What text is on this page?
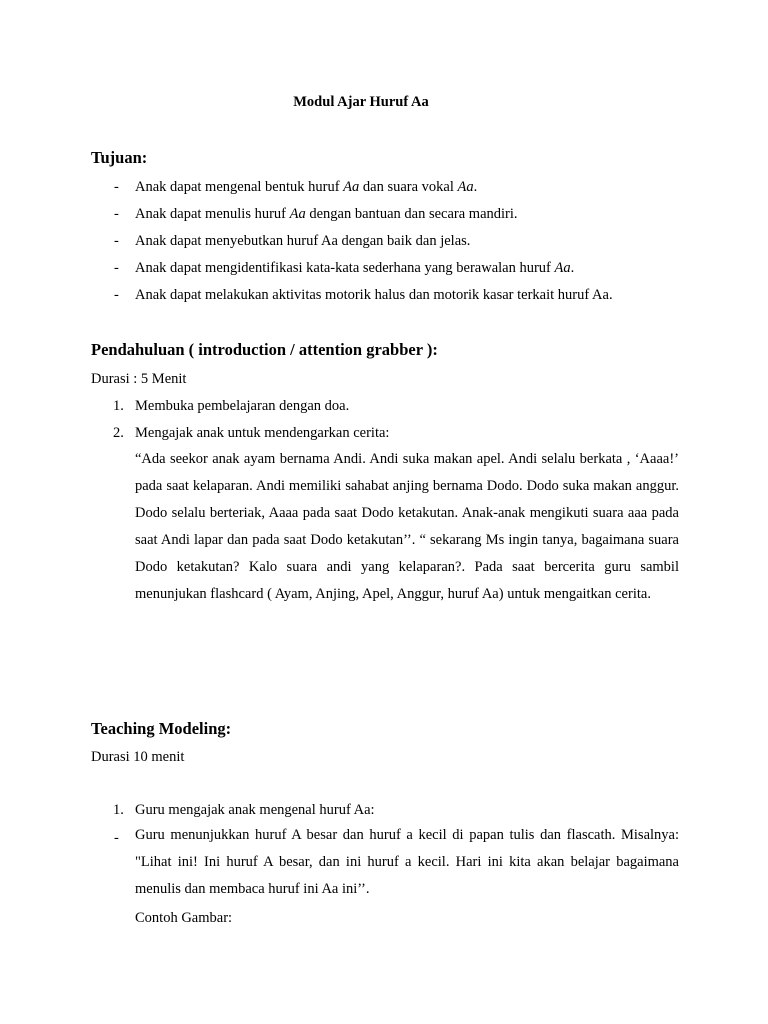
Modul Ajar Huruf Aa
Tujuan:
- Anak dapat mengenal bentuk huruf Aa dan suara vokal Aa.
- Anak dapat menulis huruf Aa dengan bantuan dan secara mandiri.
- Anak dapat menyebutkan huruf Aa dengan baik dan jelas.
- Anak dapat mengidentifikasi kata-kata sederhana yang berawalan huruf Aa.
- Anak dapat melakukan aktivitas motorik halus dan motorik kasar terkait huruf Aa.
Pendahuluan ( introduction / attention grabber ):
Durasi : 5 Menit
1. Membuka pembelajaran dengan doa.
2. Mengajak anak untuk mendengarkan cerita:
“Ada seekor anak ayam bernama Andi. Andi suka makan apel. Andi selalu berkata , ‘Aaaa!’ pada saat kelaparan. Andi memiliki sahabat anjing bernama Dodo. Dodo suka makan anggur. Dodo selalu berteriak, Aaaa pada saat Dodo ketakutan. Anak-anak mengikuti suara aaa pada saat Andi lapar dan pada saat Dodo ketakutan’’. “ sekarang Ms ingin tanya, bagaimana suara Dodo ketakutan? Kalo suara andi yang kelaparan?. Pada saat bercerita guru sambil menunjukan flashcard ( Ayam, Anjing, Apel, Anggur, huruf Aa) untuk mengaitkan cerita.
Teaching Modeling:
Durasi 10 menit
1. Guru mengajak anak mengenal huruf Aa:
- Guru menunjukkan huruf A besar dan huruf a kecil di papan tulis dan flascath. Misalnya: "Lihat ini! Ini huruf A besar, dan ini huruf a kecil. Hari ini kita akan belajar bagaimana menulis dan membaca huruf ini Aa ini’’.
Contoh Gambar:
